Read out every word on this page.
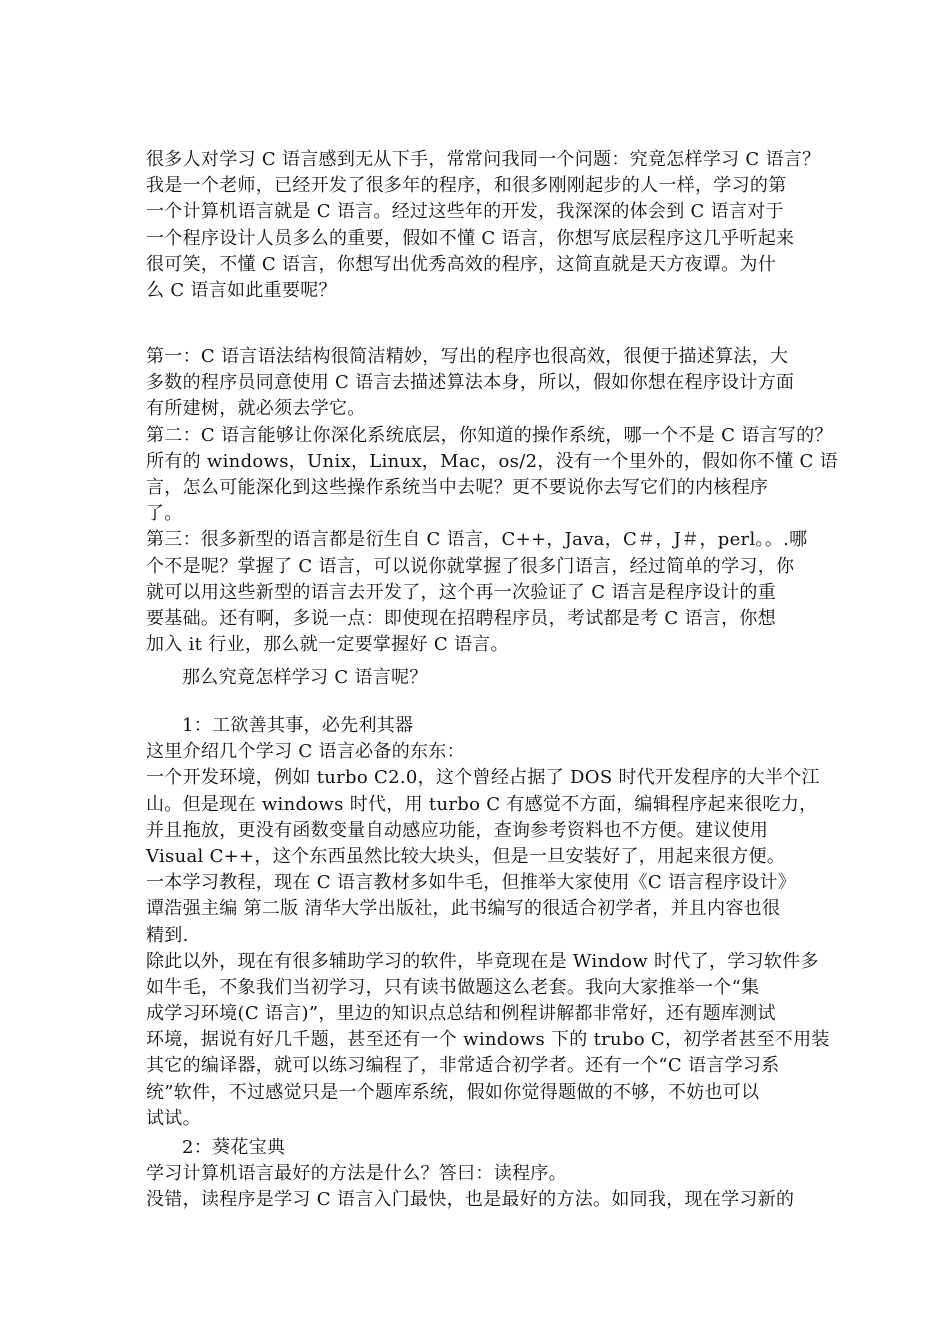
很多人对学习 C 语言感到无从下手，常常问我同一个问题：究竟怎样学习 C 语言？
我是一个老师，已经开发了很多年的程序，和很多刚刚起步的人一样，学习的第
一个计算机语言就是 C 语言。经过这些年的开发，我深深的体会到 C 语言对于
一个程序设计人员多么的重要，假如不懂 C 语言，你想写底层程序这几乎听起来
很可笑，不懂 C 语言，你想写出优秀高效的程序，这简直就是天方夜谭。为什
么 C 语言如此重要呢？
第一：C 语言语法结构很简洁精妙，写出的程序也很高效，很便于描述算法，大
多数的程序员同意使用 C 语言去描述算法本身，所以，假如你想在程序设计方面
有所建树，就必须去学它。
第二：C 语言能够让你深化系统底层，你知道的操作系统，哪一个不是 C 语言写的？
所有的 windows，Unix，Linux，Mac，os/2，没有一个里外的，假如你不懂 C 语
言，怎么可能深化到这些操作系统当中去呢？更不要说你去写它们的内核程序
了。
第三：很多新型的语言都是衍生自 C 语言，C++，Java，C＃，J＃，perl。。.哪
个不是呢？掌握了 C 语言，可以说你就掌握了很多门语言，经过简单的学习，你
就可以用这些新型的语言去开发了，这个再一次验证了 C 语言是程序设计的重
要基础。还有啊，多说一点：即使现在招聘程序员，考试都是考 C 语言，你想
加入 it 行业，那么就一定要掌握好 C 语言。
那么究竟怎样学习 C 语言呢？
1：工欲善其事，必先利其器
这里介绍几个学习 C 语言必备的东东：
一个开发环境，例如 turbo C2.0，这个曾经占据了 DOS 时代开发程序的大半个江
山。但是现在 windows 时代，用 turbo C 有感觉不方面，编辑程序起来很吃力，
并且拖放，更没有函数变量自动感应功能，查询参考资料也不方便。建议使用
Visual C++，这个东西虽然比较大块头，但是一旦安装好了，用起来很方便。
一本学习教程，现在 C 语言教材多如牛毛，但推举大家使用《C 语言程序设计》
谭浩强主编 第二版 清华大学出版社，此书编写的很适合初学者，并且内容也很
精到.
除此以外，现在有很多辅助学习的软件，毕竟现在是 Window 时代了，学习软件多
如牛毛，不象我们当初学习，只有读书做题这么老套。我向大家推举一个“集
成学习环境(C 语言)”，里边的知识点总结和例程讲解都非常好，还有题库测试
环境，据说有好几千题，甚至还有一个 windows 下的 trubo C，初学者甚至不用装
其它的编译器，就可以练习编程了，非常适合初学者。还有一个“C 语言学习系
统”软件，不过感觉只是一个题库系统，假如你觉得题做的不够，不妨也可以
试试。
2：葵花宝典
学习计算机语言最好的方法是什么？答曰：读程序。
没错，读程序是学习 C 语言入门最快，也是最好的方法。如同我，现在学习新的
